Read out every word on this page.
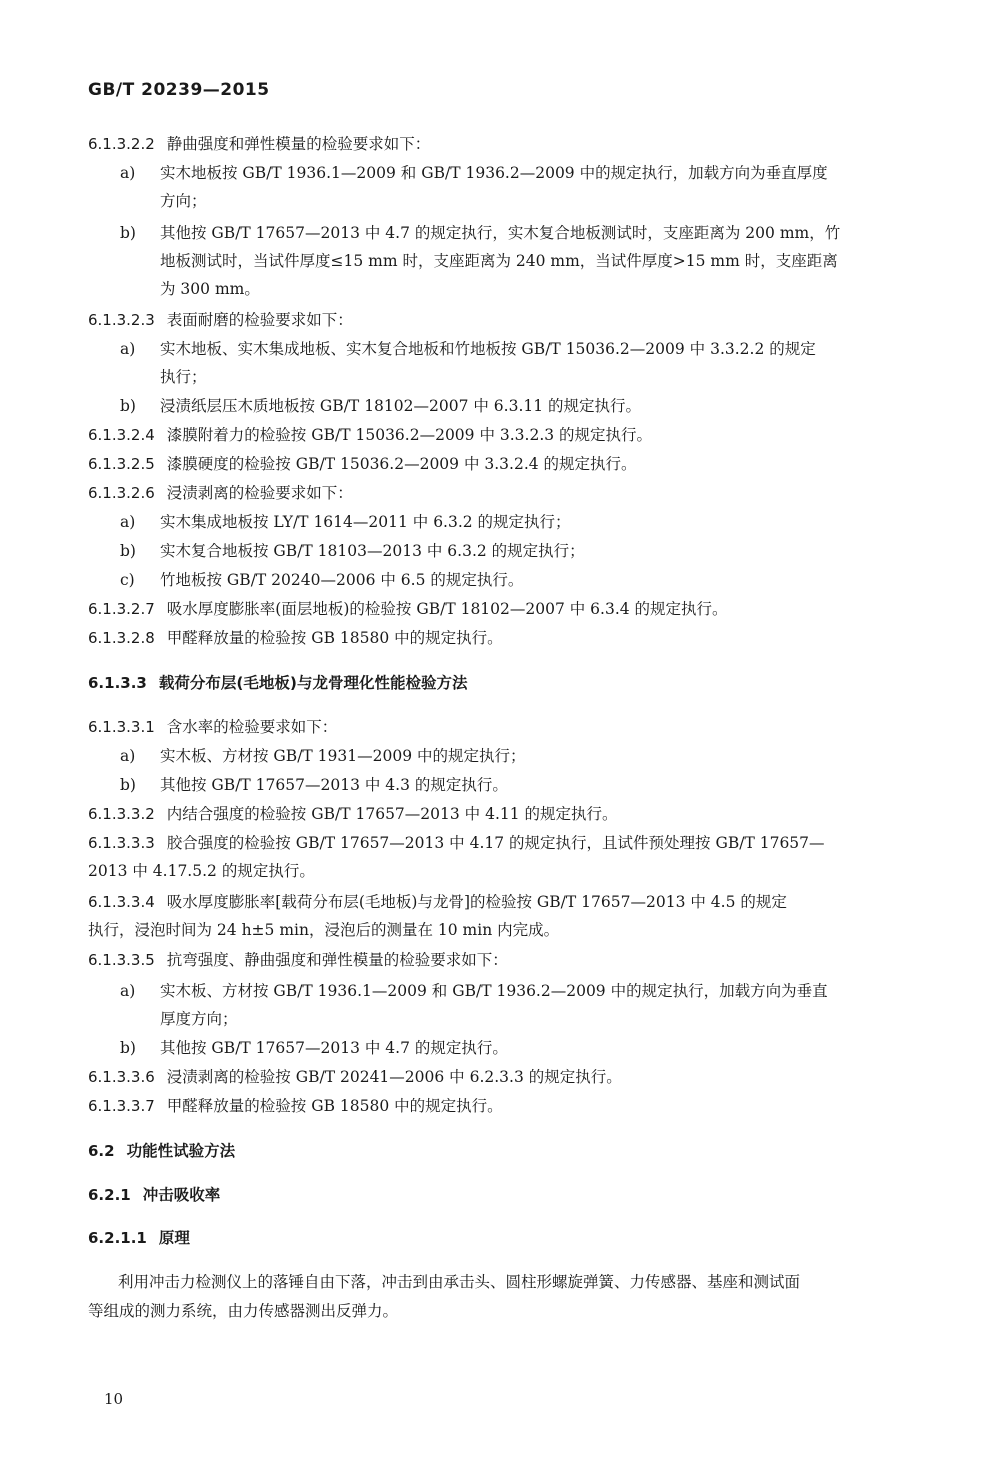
GB/T 20239—2015
6.1.3.2.2 静曲强度和弹性模量的检验要求如下：
a) 实木地板按 GB/T 1936.1—2009 和 GB/T 1936.2—2009 中的规定执行，加载方向为垂直厚度
方向；
b) 其他按 GB/T 17657—2013 中 4.7 的规定执行，实木复合地板测试时，支座距离为 200 mm，竹
地板测试时，当试件厚度≤15 mm 时，支座距离为 240 mm，当试件厚度>15 mm 时，支座距离
为 300 mm。
6.1.3.2.3 表面耐磨的检验要求如下：
a) 实木地板、实木集成地板、实木复合地板和竹地板按 GB/T 15036.2—2009 中 3.3.2.2 的规定
执行；
b) 浸渍纸层压木质地板按 GB/T 18102—2007 中 6.3.11 的规定执行。
6.1.3.2.4 漆膜附着力的检验按 GB/T 15036.2—2009 中 3.3.2.3 的规定执行。
6.1.3.2.5 漆膜硬度的检验按 GB/T 15036.2—2009 中 3.3.2.4 的规定执行。
6.1.3.2.6 浸渍剥离的检验要求如下：
a) 实木集成地板按 LY/T 1614—2011 中 6.3.2 的规定执行；
b) 实木复合地板按 GB/T 18103—2013 中 6.3.2 的规定执行；
c) 竹地板按 GB/T 20240—2006 中 6.5 的规定执行。
6.1.3.2.7 吸水厚度膨胀率(面层地板)的检验按 GB/T 18102—2007 中 6.3.4 的规定执行。
6.1.3.2.8 甲醛释放量的检验按 GB 18580 中的规定执行。
6.1.3.3 载荷分布层(毛地板)与龙骨理化性能检验方法
6.1.3.3.1 含水率的检验要求如下：
a) 实木板、方材按 GB/T 1931—2009 中的规定执行；
b) 其他按 GB/T 17657—2013 中 4.3 的规定执行。
6.1.3.3.2 内结合强度的检验按 GB/T 17657—2013 中 4.11 的规定执行。
6.1.3.3.3 胶合强度的检验按 GB/T 17657—2013 中 4.17 的规定执行，且试件预处理按 GB/T 17657—
2013 中 4.17.5.2 的规定执行。
6.1.3.3.4 吸水厚度膨胀率[载荷分布层(毛地板)与龙骨]的检验按 GB/T 17657—2013 中 4.5 的规定
执行，浸泡时间为 24 h±5 min，浸泡后的测量在 10 min 内完成。
6.1.3.3.5 抗弯强度、静曲强度和弹性模量的检验要求如下：
a) 实木板、方材按 GB/T 1936.1—2009 和 GB/T 1936.2—2009 中的规定执行，加载方向为垂直
厚度方向；
b) 其他按 GB/T 17657—2013 中 4.7 的规定执行。
6.1.3.3.6 浸渍剥离的检验按 GB/T 20241—2006 中 6.2.3.3 的规定执行。
6.1.3.3.7 甲醛释放量的检验按 GB 18580 中的规定执行。
6.2 功能性试验方法
6.2.1 冲击吸收率
6.2.1.1 原理
利用冲击力检测仪上的落锤自由下落，冲击到由承击头、圆柱形螺旋弹簧、力传感器、基座和测试面
等组成的测力系统，由力传感器测出反弹力。
10
